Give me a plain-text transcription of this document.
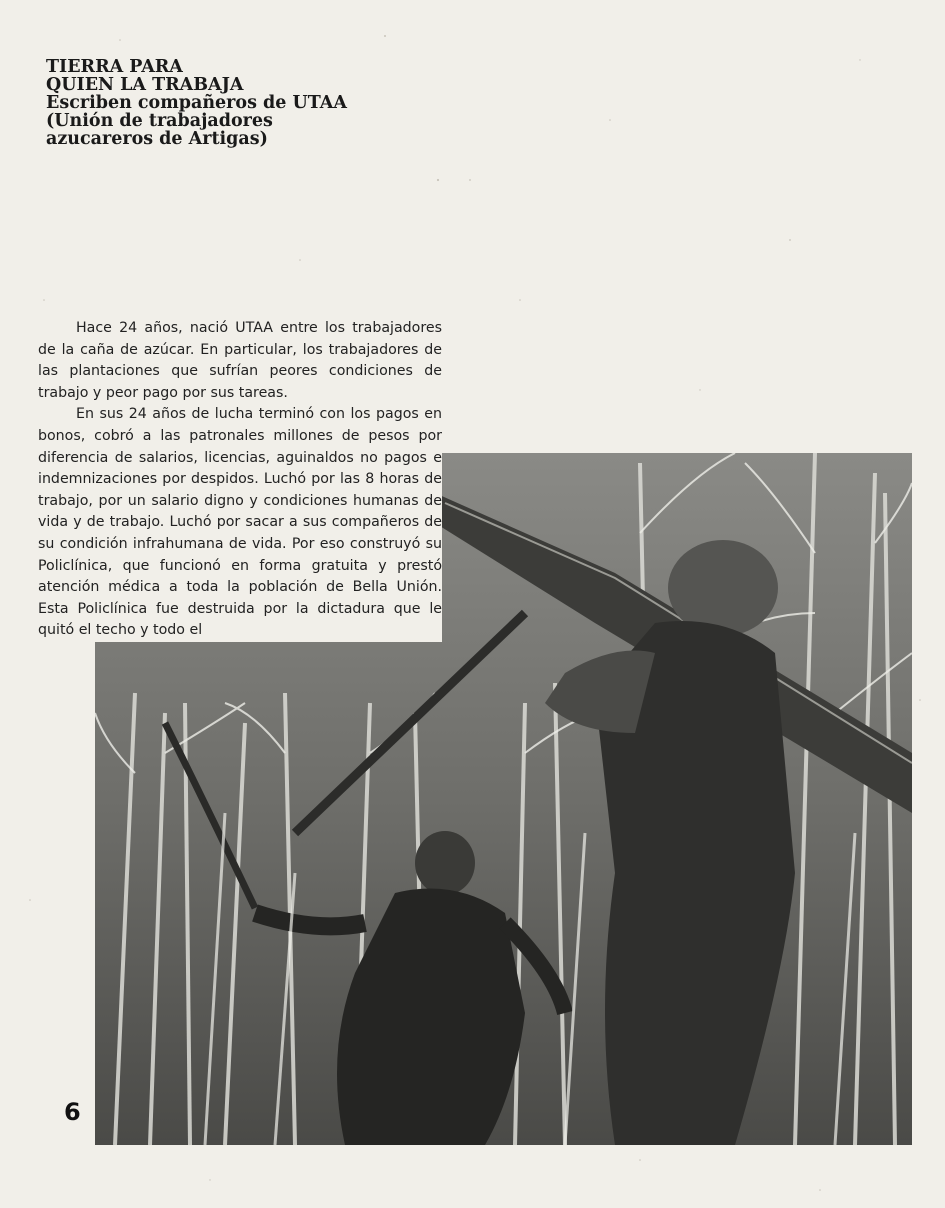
TIERRA PARA
QUIEN LA TRABAJA
Escriben compañeros de UTAA
(Unión de trabajadores
azucareros de Artigas)

Hace 24 años, nació UTAA entre los trabajadores de la caña de azúcar. En particular, los trabajadores de las plantaciones que sufrían peores condiciones de trabajo y peor pago por sus tareas.

En sus 24 años de lucha terminó con los pagos en bonos, cobró a las patronales millones de pesos por diferencia de salarios, licencias, aguinaldos no pagos e indemnizaciones por despidos. Luchó por las 8 horas de trabajo, por un salario digno y condiciones humanas de vida y de trabajo. Luchó por sacar a sus compañeros de su condición infrahumana de vida. Por eso construyó su Policlínica, que funcionó en forma gratuita y prestó atención médica a toda la población de Bella Unión. Esta Policlínica fue destruida por la dictadura que le quitó el techo y todo el

6
